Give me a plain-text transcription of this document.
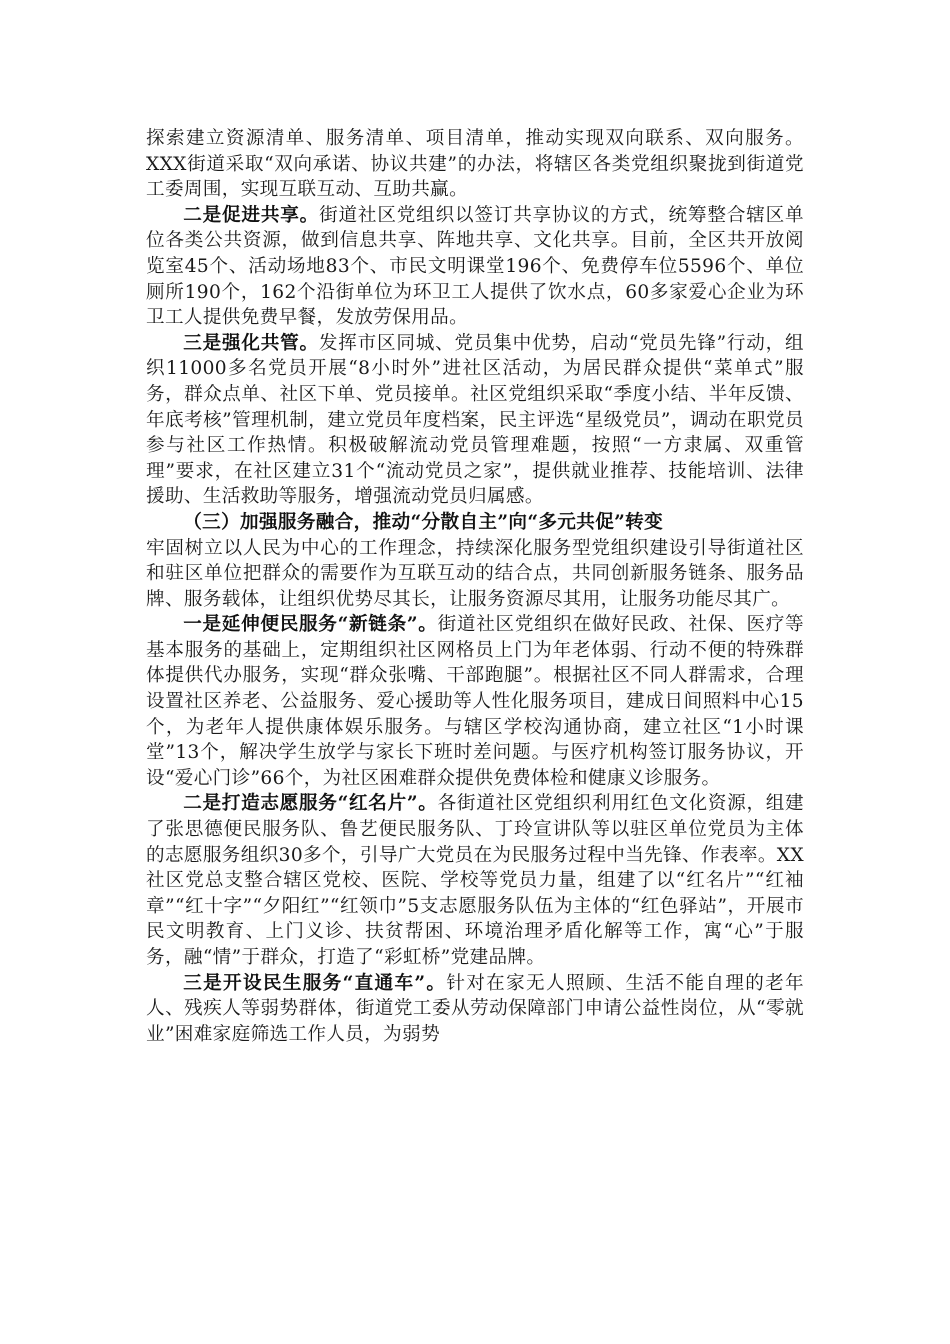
探索建立资源清单、服务清单、项目清单，推动实现双向联系、双向服务。XXX街道采取“双向承诺、协议共建”的办法，将辖区各类党组织聚拢到街道党工委周围，实现互联互动、互助共赢。

二是促进共享。街道社区党组织以签订共享协议的方式，统筹整合辖区单位各类公共资源，做到信息共享、阵地共享、文化共享。目前，全区共开放阅览室45个、活动场地83个、市民文明课堂196个、免费停车位5596个、单位厕所190个，162个沿街单位为环卫工人提供了饮水点，60多家爱心企业为环卫工人提供免费早餐，发放劳保用品。

三是强化共管。发挥市区同城、党员集中优势，启动“党员先锋”行动，组织11000多名党员开展“8小时外”进社区活动，为居民群众提供“菜单式”服务，群众点单、社区下单、党员接单。社区党组织采取“季度小结、半年反馈、年底考核”管理机制，建立党员年度档案，民主评选“星级党员”，调动在职党员参与社区工作热情。积极破解流动党员管理难题，按照“一方隶属、双重管理”要求，在社区建立31个“流动党员之家”，提供就业推荐、技能培训、法律援助、生活救助等服务，增强流动党员归属感。

（三）加强服务融合，推动“分散自主”向“多元共促”转变

牢固树立以人民为中心的工作理念，持续深化服务型党组织建设引导街道社区和驻区单位把群众的需要作为互联互动的结合点，共同创新服务链条、服务品牌、服务载体，让组织优势尽其长，让服务资源尽其用，让服务功能尽其广。

一是延伸便民服务“新链条”。街道社区党组织在做好民政、社保、医疗等基本服务的基础上，定期组织社区网格员上门为年老体弱、行动不便的特殊群体提供代办服务，实现“群众张嘴、干部跑腿”。根据社区不同人群需求，合理设置社区养老、公益服务、爱心援助等人性化服务项目，建成日间照料中心15个，为老年人提供康体娱乐服务。与辖区学校沟通协商，建立社区“1小时课堂”13个，解决学生放学与家长下班时差问题。与医疗机构签订服务协议，开设“爱心门诊”66个，为社区困难群众提供免费体检和健康义诊服务。

二是打造志愿服务“红名片”。各街道社区党组织利用红色文化资源，组建了张思德便民服务队、鲁艺便民服务队、丁玲宣讲队等以驻区单位党员为主体的志愿服务组织30多个，引导广大党员在为民服务过程中当先锋、作表率。XX社区党总支整合辖区党校、医院、学校等党员力量，组建了以“红名片”“红袖章”“红十字”“夕阳红”“红领巾”5支志愿服务队伍为主体的“红色驿站”，开展市民文明教育、上门义诊、扶贫帮困、环境治理矛盾化解等工作，寓“心”于服务，融“情”于群众，打造了“彩虹桥”党建品牌。

三是开设民生服务“直通车”。针对在家无人照顾、生活不能自理的老年人、残疾人等弱势群体，街道党工委从劳动保障部门申请公益性岗位，从“零就业”困难家庭筛选工作人员，为弱势
